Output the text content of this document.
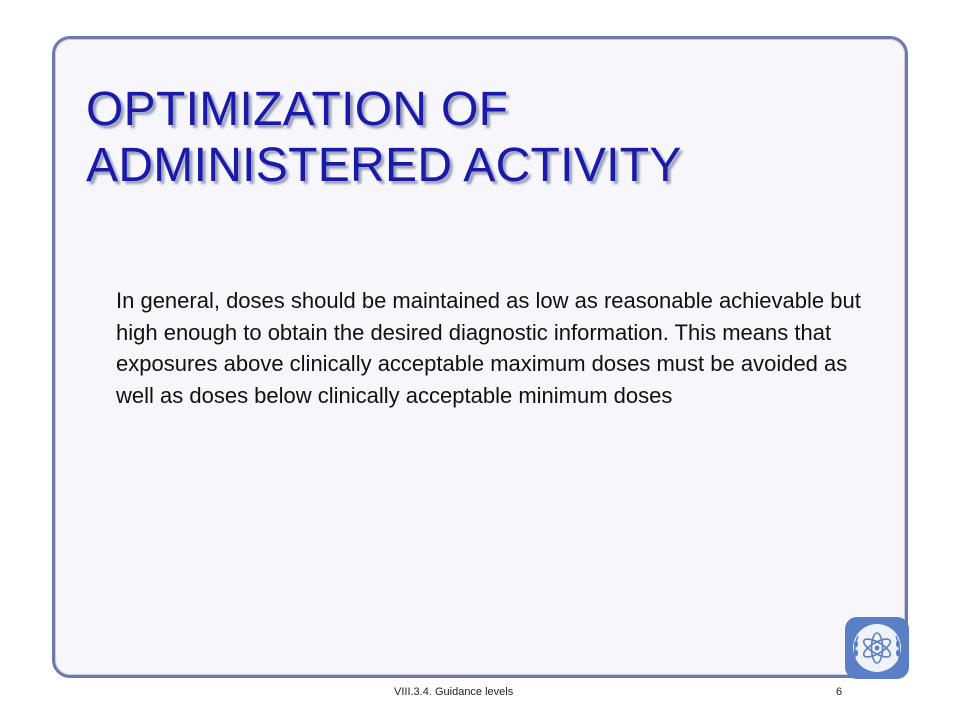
OPTIMIZATION OF
ADMINISTERED ACTIVITY

In general, doses should be maintained as low as reasonable achievable but high enough to obtain the desired diagnostic information. This means that exposures above clinically acceptable maximum doses must be avoided as well as doses below clinically acceptable minimum doses

VIII.3.4. Guidance levels	6
